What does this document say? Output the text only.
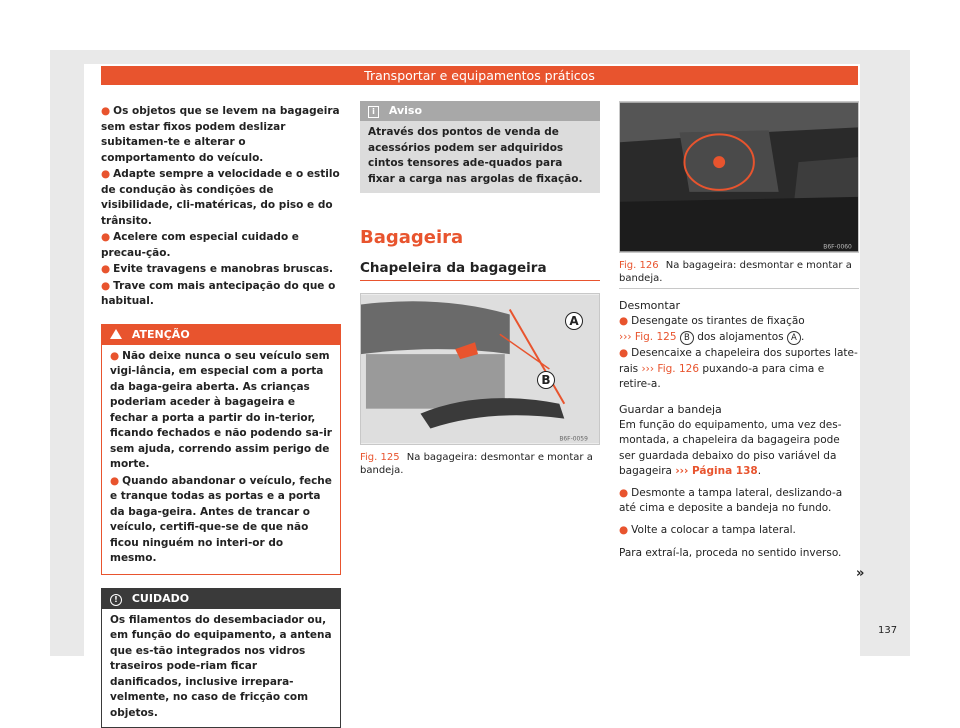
Transportar e equipamentos práticos

● Os objetos que se levem na bagageira sem estar fixos podem deslizar subitamen-te e alterar o comportamento do veículo.

● Adapte sempre a velocidade e o estilo de condução às condições de visibilidade, cli-matéricas, do piso e do trânsito.

● Acelere com especial cuidado e precau-ção.

● Evite travagens e manobras bruscas.

● Trave com mais antecipação do que o habitual.

ATENÇÃO

● Não deixe nunca o seu veículo sem vigi-lância, em especial com a porta da baga-geira aberta. As crianças poderiam aceder à bagageira e fechar a porta a partir do in-terior, ficando fechados e não podendo sa-ir sem ajuda, correndo assim perigo de morte.

● Quando abandonar o veículo, feche e tranque todas as portas e a porta da baga-geira. Antes de trancar o veículo, certifi-que-se de que não ficou ninguém no interi-or do mesmo.

! CUIDADO
Os filamentos do desembaciador ou, em função do equipamento, a antena que es-tão integrados nos vidros traseiros pode-riam ficar danificados, inclusive irrepara-velmente, no caso de fricção com objetos.
i Aviso
Através dos pontos de venda de acessórios podem ser adquiridos cintos tensores ade-quados para fixar a carga nas argolas de fixação.
Bagageira
Chapeleira da bagageira
B6F-0059
A
B
Fig. 125 Na bagageira: desmontar e montar a bandeja.
B6F-0060
Fig. 126 Na bagageira: desmontar e montar a bandeja.

Desmontar

● Desengate os tirantes de fixação
››› Fig. 125 B dos alojamentos A .

● Desencaixe a chapeleira dos suportes late-rais ››› Fig. 126 puxando-a para cima e retire-a.

Guardar a bandeja

Em função do equipamento, uma vez des-montada, a chapeleira da bagageira pode ser guardada debaixo do piso variável da bagageira ››› Página 138.

● Desmonte a tampa lateral, deslizando-a até cima e deposite a bandeja no fundo.

● Volte a colocar a tampa lateral.

Para extraí-la, proceda no sentido inverso.

»
137
